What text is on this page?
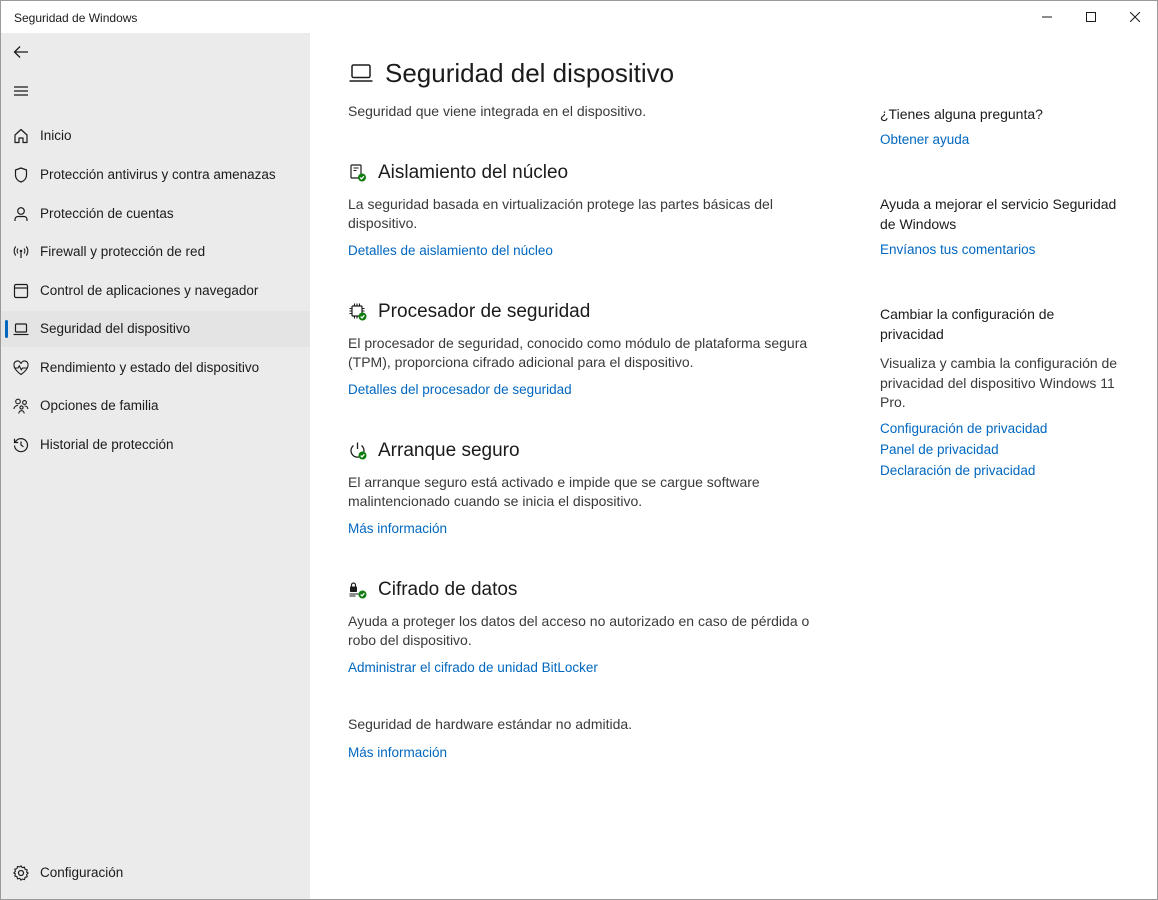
Seguridad de Windows
Inicio
Protección antivirus y contra amenazas
Protección de cuentas
Firewall y protección de red
Control de aplicaciones y navegador
Seguridad del dispositivo
Rendimiento y estado del dispositivo
Opciones de familia
Historial de protección
Configuración
Seguridad del dispositivo
Seguridad que viene integrada en el dispositivo.
Aislamiento del núcleo
La seguridad basada en virtualización protege las partes básicas del dispositivo.
Detalles de aislamiento del núcleo
Procesador de seguridad
El procesador de seguridad, conocido como módulo de plataforma segura (TPM), proporciona cifrado adicional para el dispositivo.
Detalles del procesador de seguridad
Arranque seguro
El arranque seguro está activado e impide que se cargue software malintencionado cuando se inicia el dispositivo.
Más información
Cifrado de datos
Ayuda a proteger los datos del acceso no autorizado en caso de pérdida o robo del dispositivo.
Administrar el cifrado de unidad BitLocker
Seguridad de hardware estándar no admitida.
Más información
¿Tienes alguna pregunta?
Obtener ayuda
Ayuda a mejorar el servicio Seguridad de Windows
Envíanos tus comentarios
Cambiar la configuración de privacidad
Visualiza y cambia la configuración de privacidad del dispositivo Windows 11 Pro.
Configuración de privacidad
Panel de privacidad
Declaración de privacidad
